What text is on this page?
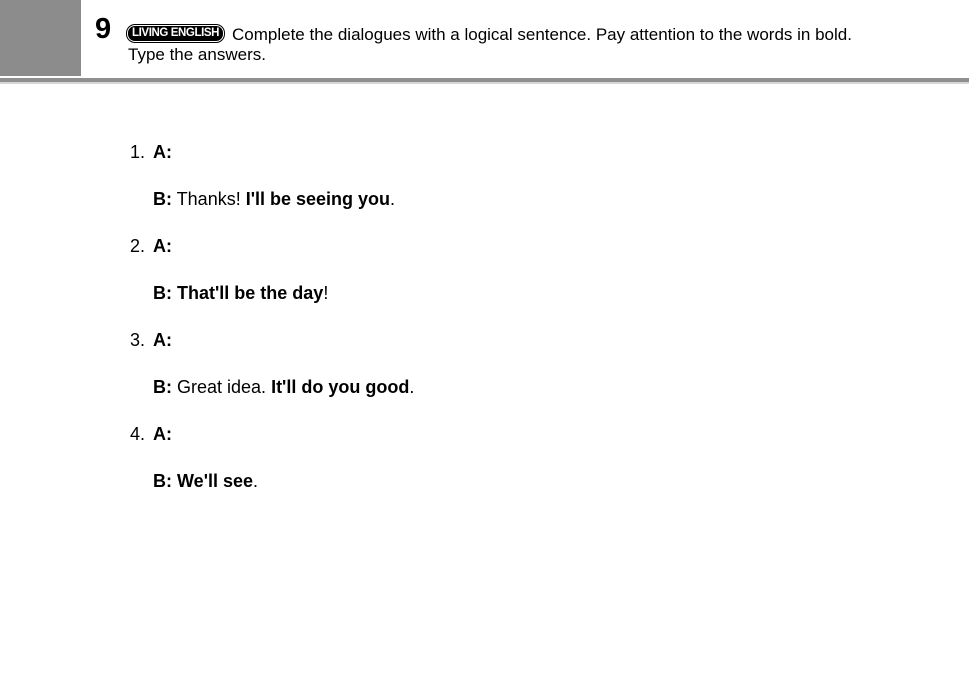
9	Complete the dialogues with a logical sentence. Pay attention to the words in bold.
Type the answers.
LIVING ENGLISH
1. A:
B: Thanks! I'll be seeing you.
2. A:
B: That'll be the day!
3. A:
B: Great idea. It'll do you good.
4. A:
B: We'll see.
